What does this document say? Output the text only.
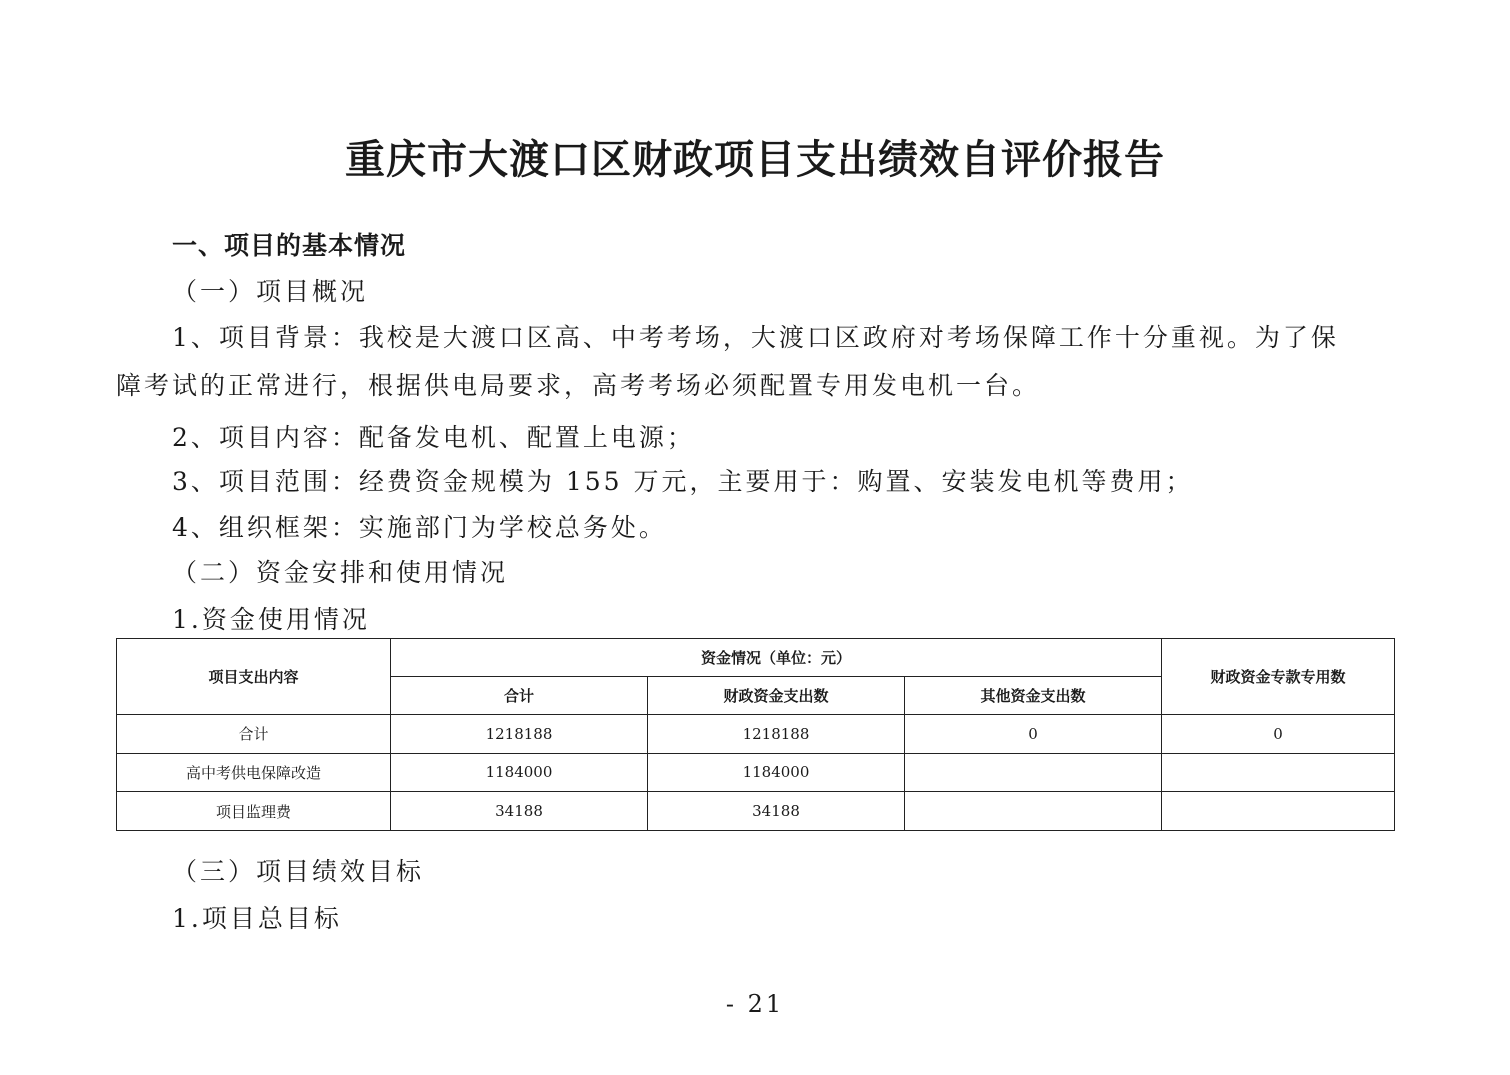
重庆市大渡口区财政项目支出绩效自评价报告
一、项目的基本情况
（一）项目概况
1、项目背景：我校是大渡口区高、中考考场，大渡口区政府对考场保障工作十分重视。为了保
障考试的正常进行，根据供电局要求，高考考场必须配置专用发电机一台。
2、项目内容：配备发电机、配置上电源；
3、项目范围：经费资金规模为 155 万元，主要用于：购置、安装发电机等费用；
4、组织框架：实施部门为学校总务处。
（二）资金安排和使用情况
1.资金使用情况
项目支出内容	资金情况（单位：元）			财政资金专款专用数
	合计	财政资金支出数	其他资金支出数	
合计	1218188	1218188	0	0
高中考供电保障改造	1184000	1184000		
项目监理费	34188	34188		
（三）项目绩效目标
1.项目总目标
- 21
